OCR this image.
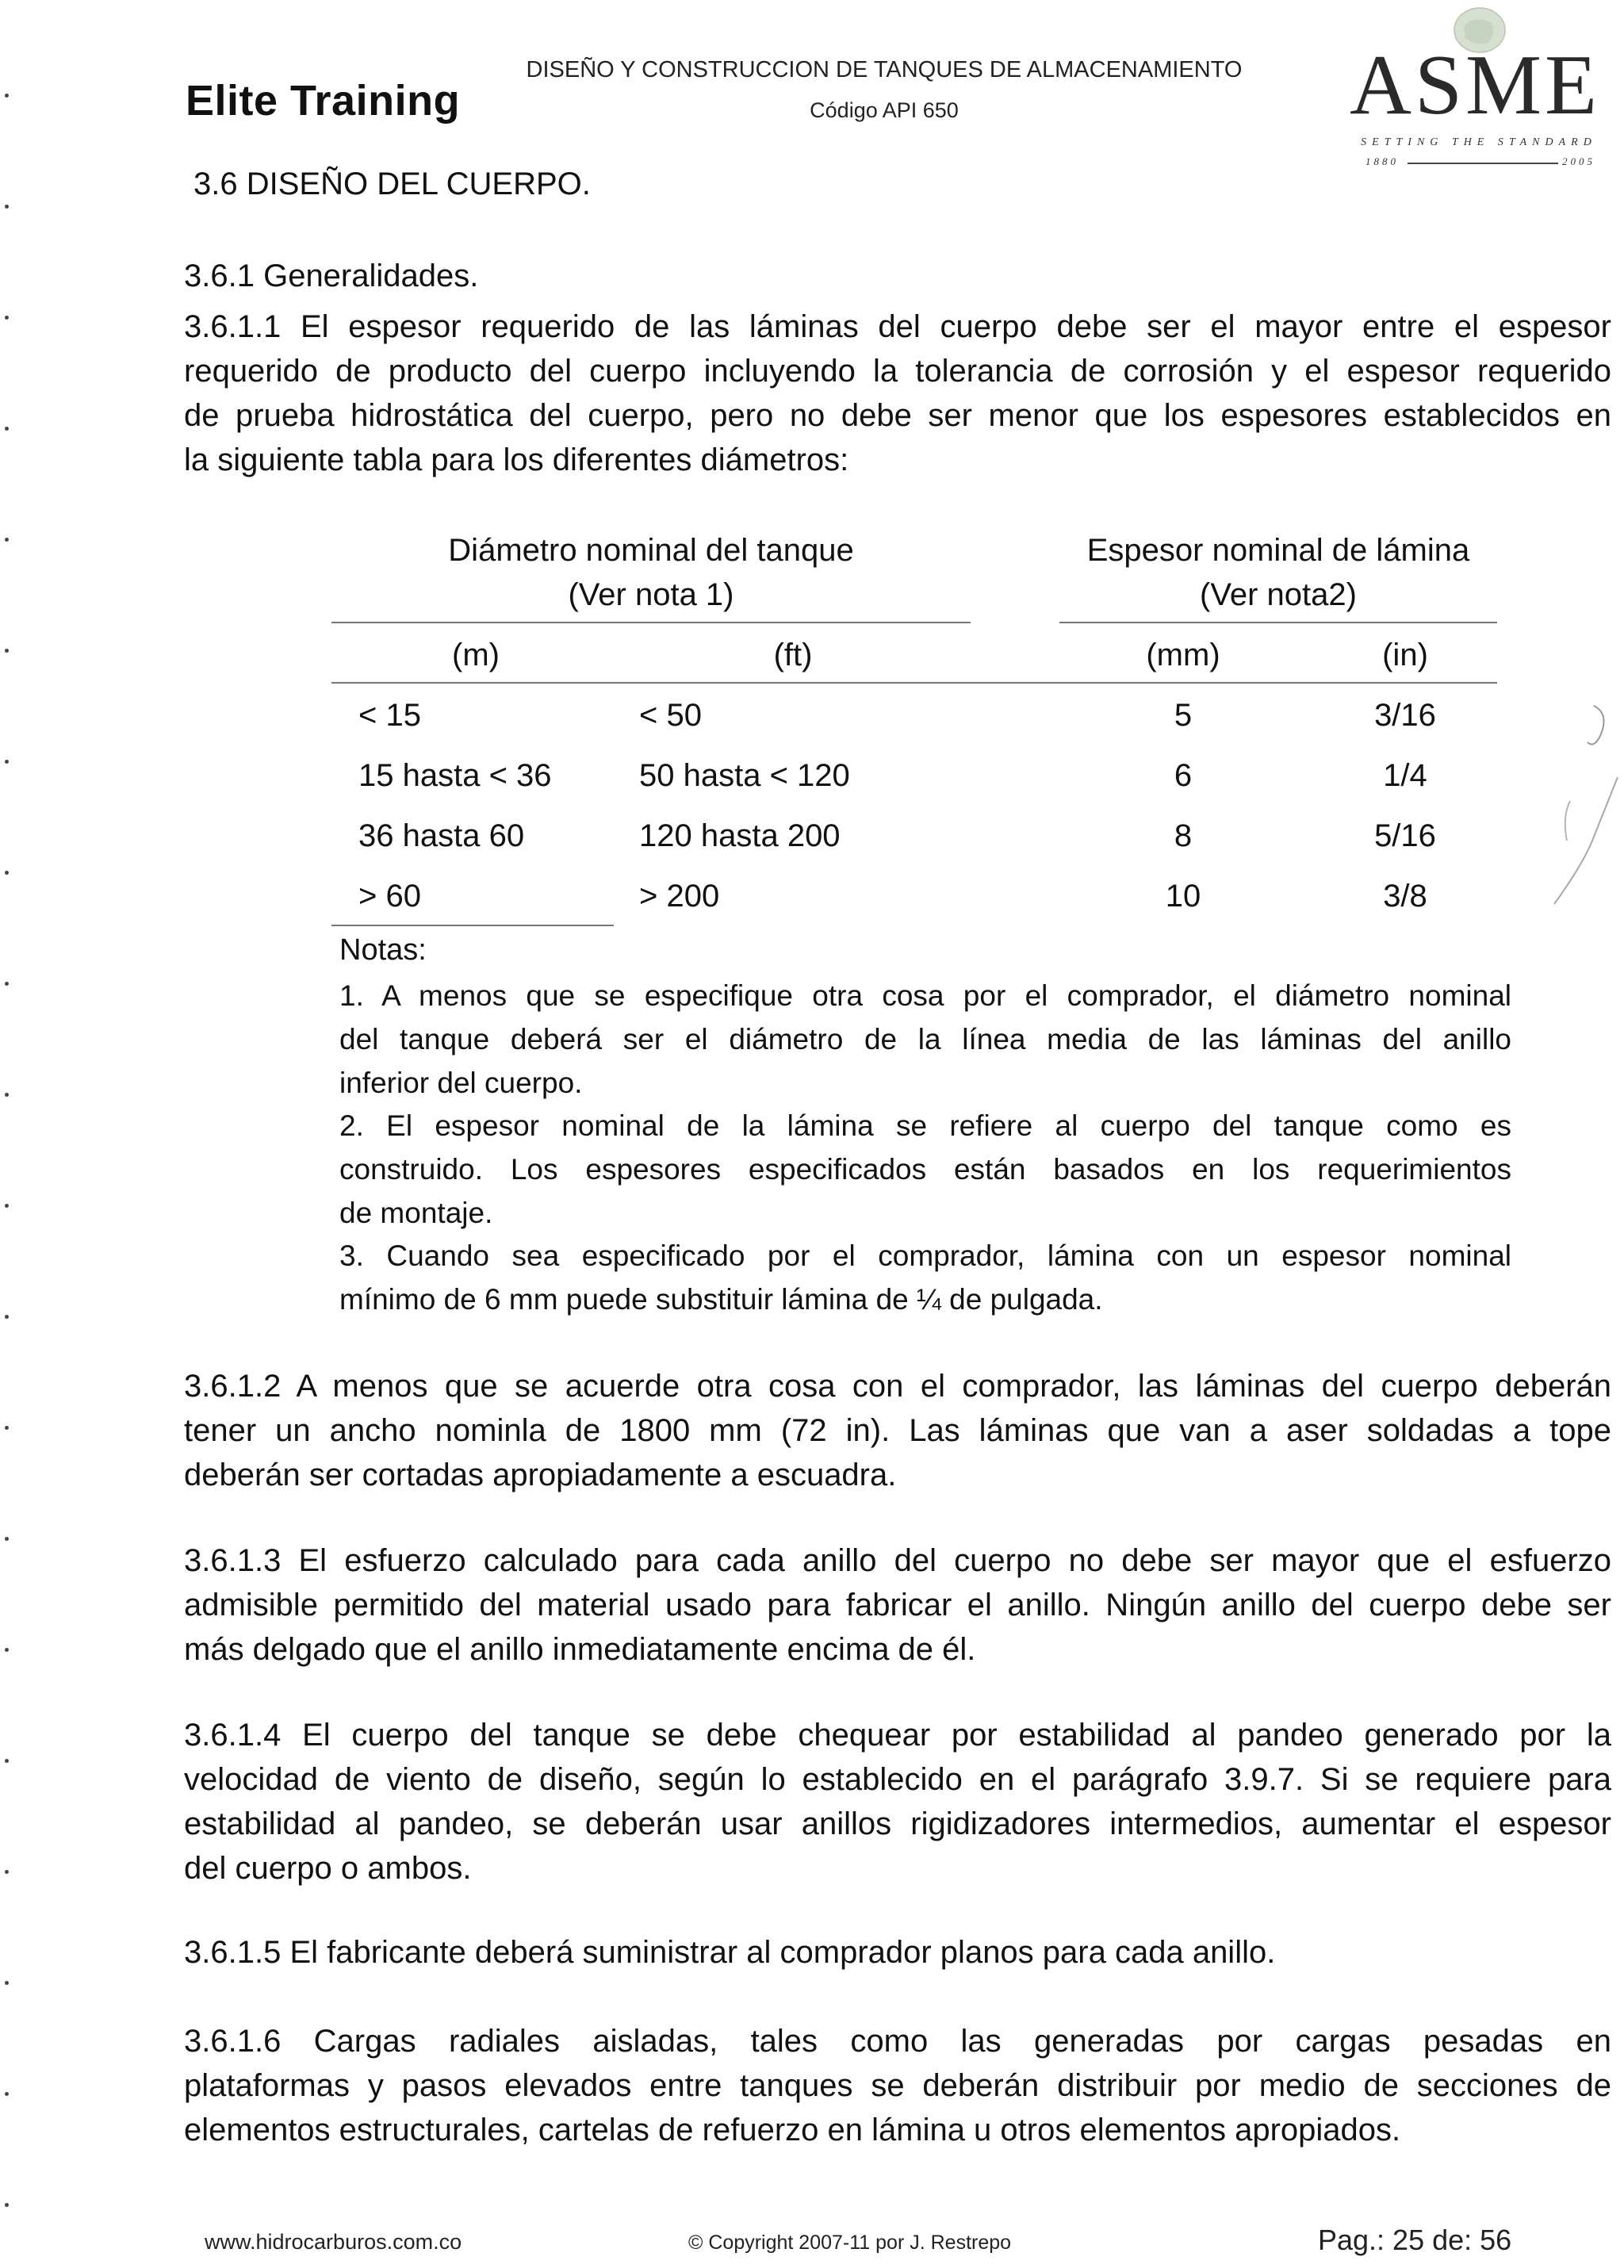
Elite Training
DISEÑO Y CONSTRUCCION DE TANQUES DE ALMACENAMIENTO
Código API 650	ASME
SETTING THE STANDARD
1880	2005
3.6 DISEÑO DEL CUERPO.
3.6.1 Generalidades.
3.6.1.1 El espesor requerido de las láminas del cuerpo debe ser el mayor entre el espesor
requerido de producto del cuerpo incluyendo la tolerancia de corrosión y el espesor requerido
de prueba hidrostática del cuerpo, pero no debe ser menor que los espesores establecidos en
la siguiente tabla para los diferentes diámetros:
Diámetro nominal del tanque
(Ver nota 1)
Espesor nominal de lámina
(Ver nota2)
(m)	(ft)	(mm)	(in)
< 15	< 50	5	3/16
15 hasta < 36	50 hasta < 120	6	1/4
36 hasta 60	120 hasta 200	8	5/16
> 60	> 200	10	3/8
Notas:
1. A menos que se especifique otra cosa por el comprador, el diámetro nominal
del tanque deberá ser el diámetro de la línea media de las láminas del anillo
inferior del cuerpo.
2. El espesor nominal de la lámina se refiere al cuerpo del tanque como es
construido. Los espesores especificados están basados en los requerimientos
de montaje.
3. Cuando sea especificado por el comprador, lámina con un espesor nominal
mínimo de 6 mm puede substituir lámina de ¼ de pulgada.
3.6.1.2 A menos que se acuerde otra cosa con el comprador, las láminas del cuerpo deberán
tener un ancho nominla de 1800 mm (72 in). Las láminas que van a aser soldadas a tope
deberán ser cortadas apropiadamente a escuadra.
3.6.1.3 El esfuerzo calculado para cada anillo del cuerpo no debe ser mayor que el esfuerzo
admisible permitido del material usado para fabricar el anillo. Ningún anillo del cuerpo debe ser
más delgado que el anillo inmediatamente encima de él.
3.6.1.4 El cuerpo del tanque se debe chequear por estabilidad al pandeo generado por la
velocidad de viento de diseño, según lo establecido en el parágrafo 3.9.7. Si se requiere para
estabilidad al pandeo, se deberán usar anillos rigidizadores intermedios, aumentar el espesor
del cuerpo o ambos.
3.6.1.5 El fabricante deberá suministrar al comprador planos para cada anillo.
3.6.1.6 Cargas radiales aisladas, tales como las generadas por cargas pesadas en
plataformas y pasos elevados entre tanques se deberán distribuir por medio de secciones de
elementos estructurales, cartelas de refuerzo en lámina u otros elementos apropiados.
www.hidrocarburos.com.co	© Copyright 2007-11 por J. Restrepo	Pag.: 25 de: 56
